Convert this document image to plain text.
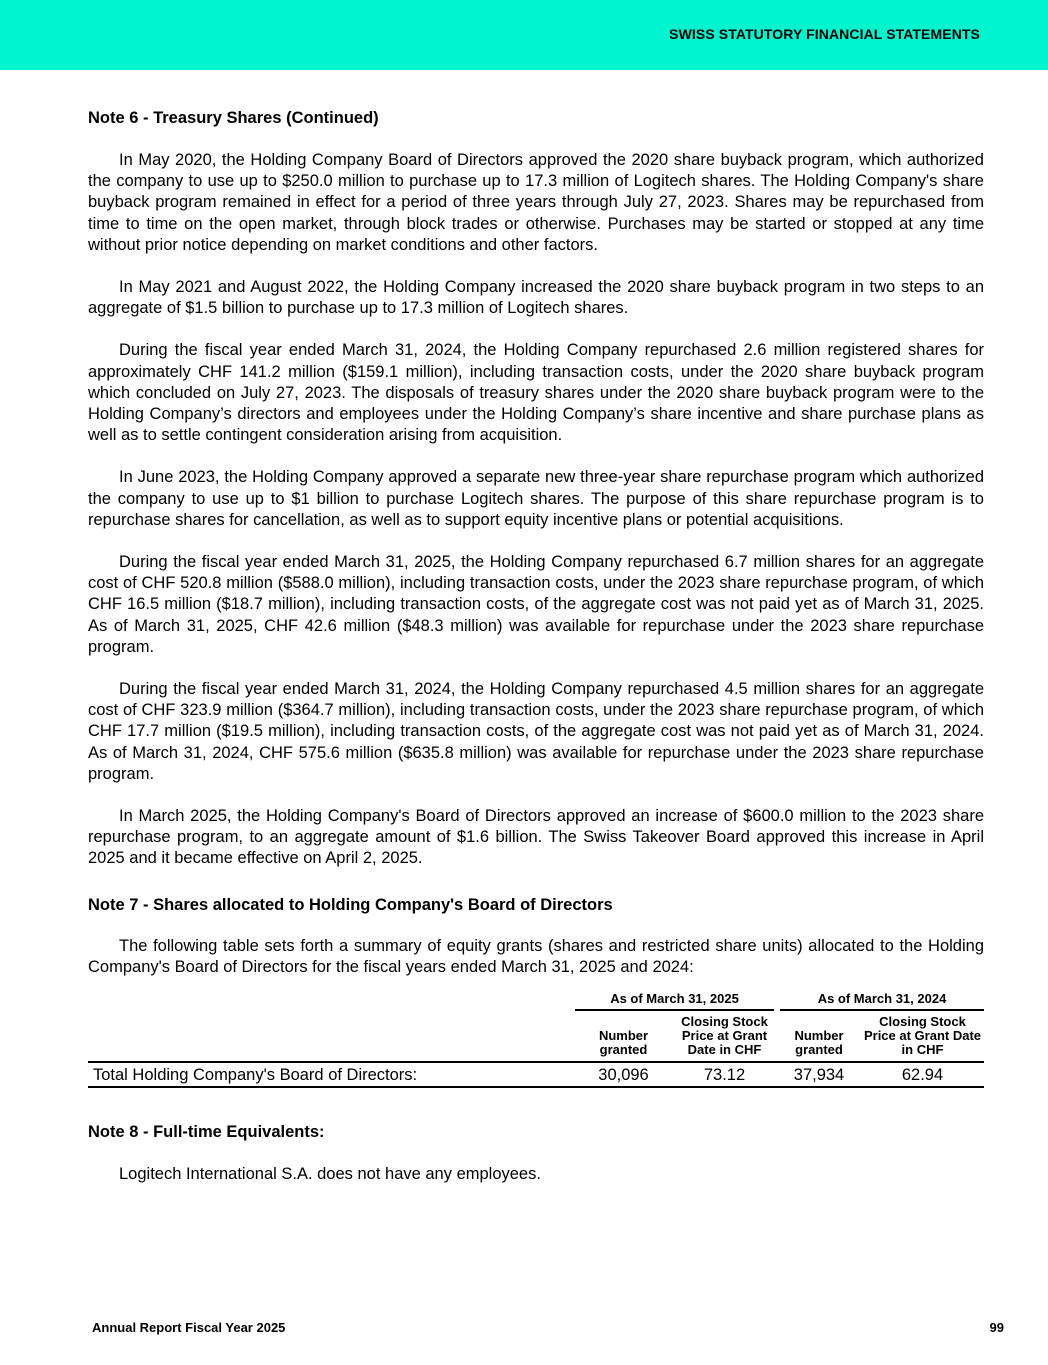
SWISS STATUTORY FINANCIAL STATEMENTS
Note 6 - Treasury Shares (Continued)

In May 2020, the Holding Company Board of Directors approved the 2020 share buyback program, which authorized the company to use up to $250.0 million to purchase up to 17.3 million of Logitech shares. The Holding Company's share buyback program remained in effect for a period of three years through July 27, 2023. Shares may be repurchased from time to time on the open market, through block trades or otherwise. Purchases may be started or stopped at any time without prior notice depending on market conditions and other factors.

In May 2021 and August 2022, the Holding Company increased the 2020 share buyback program in two steps to an aggregate of $1.5 billion to purchase up to 17.3 million of Logitech shares.

During the fiscal year ended March 31, 2024, the Holding Company repurchased 2.6 million registered shares for approximately CHF 141.2 million ($159.1 million), including transaction costs, under the 2020 share buyback program which concluded on July 27, 2023. The disposals of treasury shares under the 2020 share buyback program were to the Holding Company’s directors and employees under the Holding Company’s share incentive and share purchase plans as well as to settle contingent consideration arising from acquisition.

In June 2023, the Holding Company approved a separate new three-year share repurchase program which authorized the company to use up to $1 billion to purchase Logitech shares. The purpose of this share repurchase program is to repurchase shares for cancellation, as well as to support equity incentive plans or potential acquisitions.

During the fiscal year ended March 31, 2025, the Holding Company repurchased 6.7 million shares for an aggregate cost of CHF 520.8 million ($588.0 million), including transaction costs, under the 2023 share repurchase program, of which CHF 16.5 million ($18.7 million), including transaction costs, of the aggregate cost was not paid yet as of March 31, 2025. As of March 31, 2025, CHF 42.6 million ($48.3 million) was available for repurchase under the 2023 share repurchase program.

During the fiscal year ended March 31, 2024, the Holding Company repurchased 4.5 million shares for an aggregate cost of CHF 323.9 million ($364.7 million), including transaction costs, under the 2023 share repurchase program, of which CHF 17.7 million ($19.5 million), including transaction costs, of the aggregate cost was not paid yet as of March 31, 2024. As of March 31, 2024, CHF 575.6 million ($635.8 million) was available for repurchase under the 2023 share repurchase program.

In March 2025, the Holding Company's Board of Directors approved an increase of $600.0 million to the 2023 share repurchase program, to an aggregate amount of $1.6 billion. The Swiss Takeover Board approved this increase in April 2025 and it became effective on April 2, 2025.

Note 7 - Shares allocated to Holding Company's Board of Directors

The following table sets forth a summary of equity grants (shares and restricted share units) allocated to the Holding Company's Board of Directors for the fiscal years ended March 31, 2025 and 2024:

	As of March 31, 2025		As of March 31, 2024	
	Number granted	Closing Stock Price at Grant Date in CHF	Number granted	Closing Stock Price at Grant Date in CHF
Total Holding Company's Board of Directors:	30,096	73.12	37,934	62.94
Note 8 - Full-time Equivalents:

Logitech International S.A. does not have any employees.

Annual Report Fiscal Year 2025	99
